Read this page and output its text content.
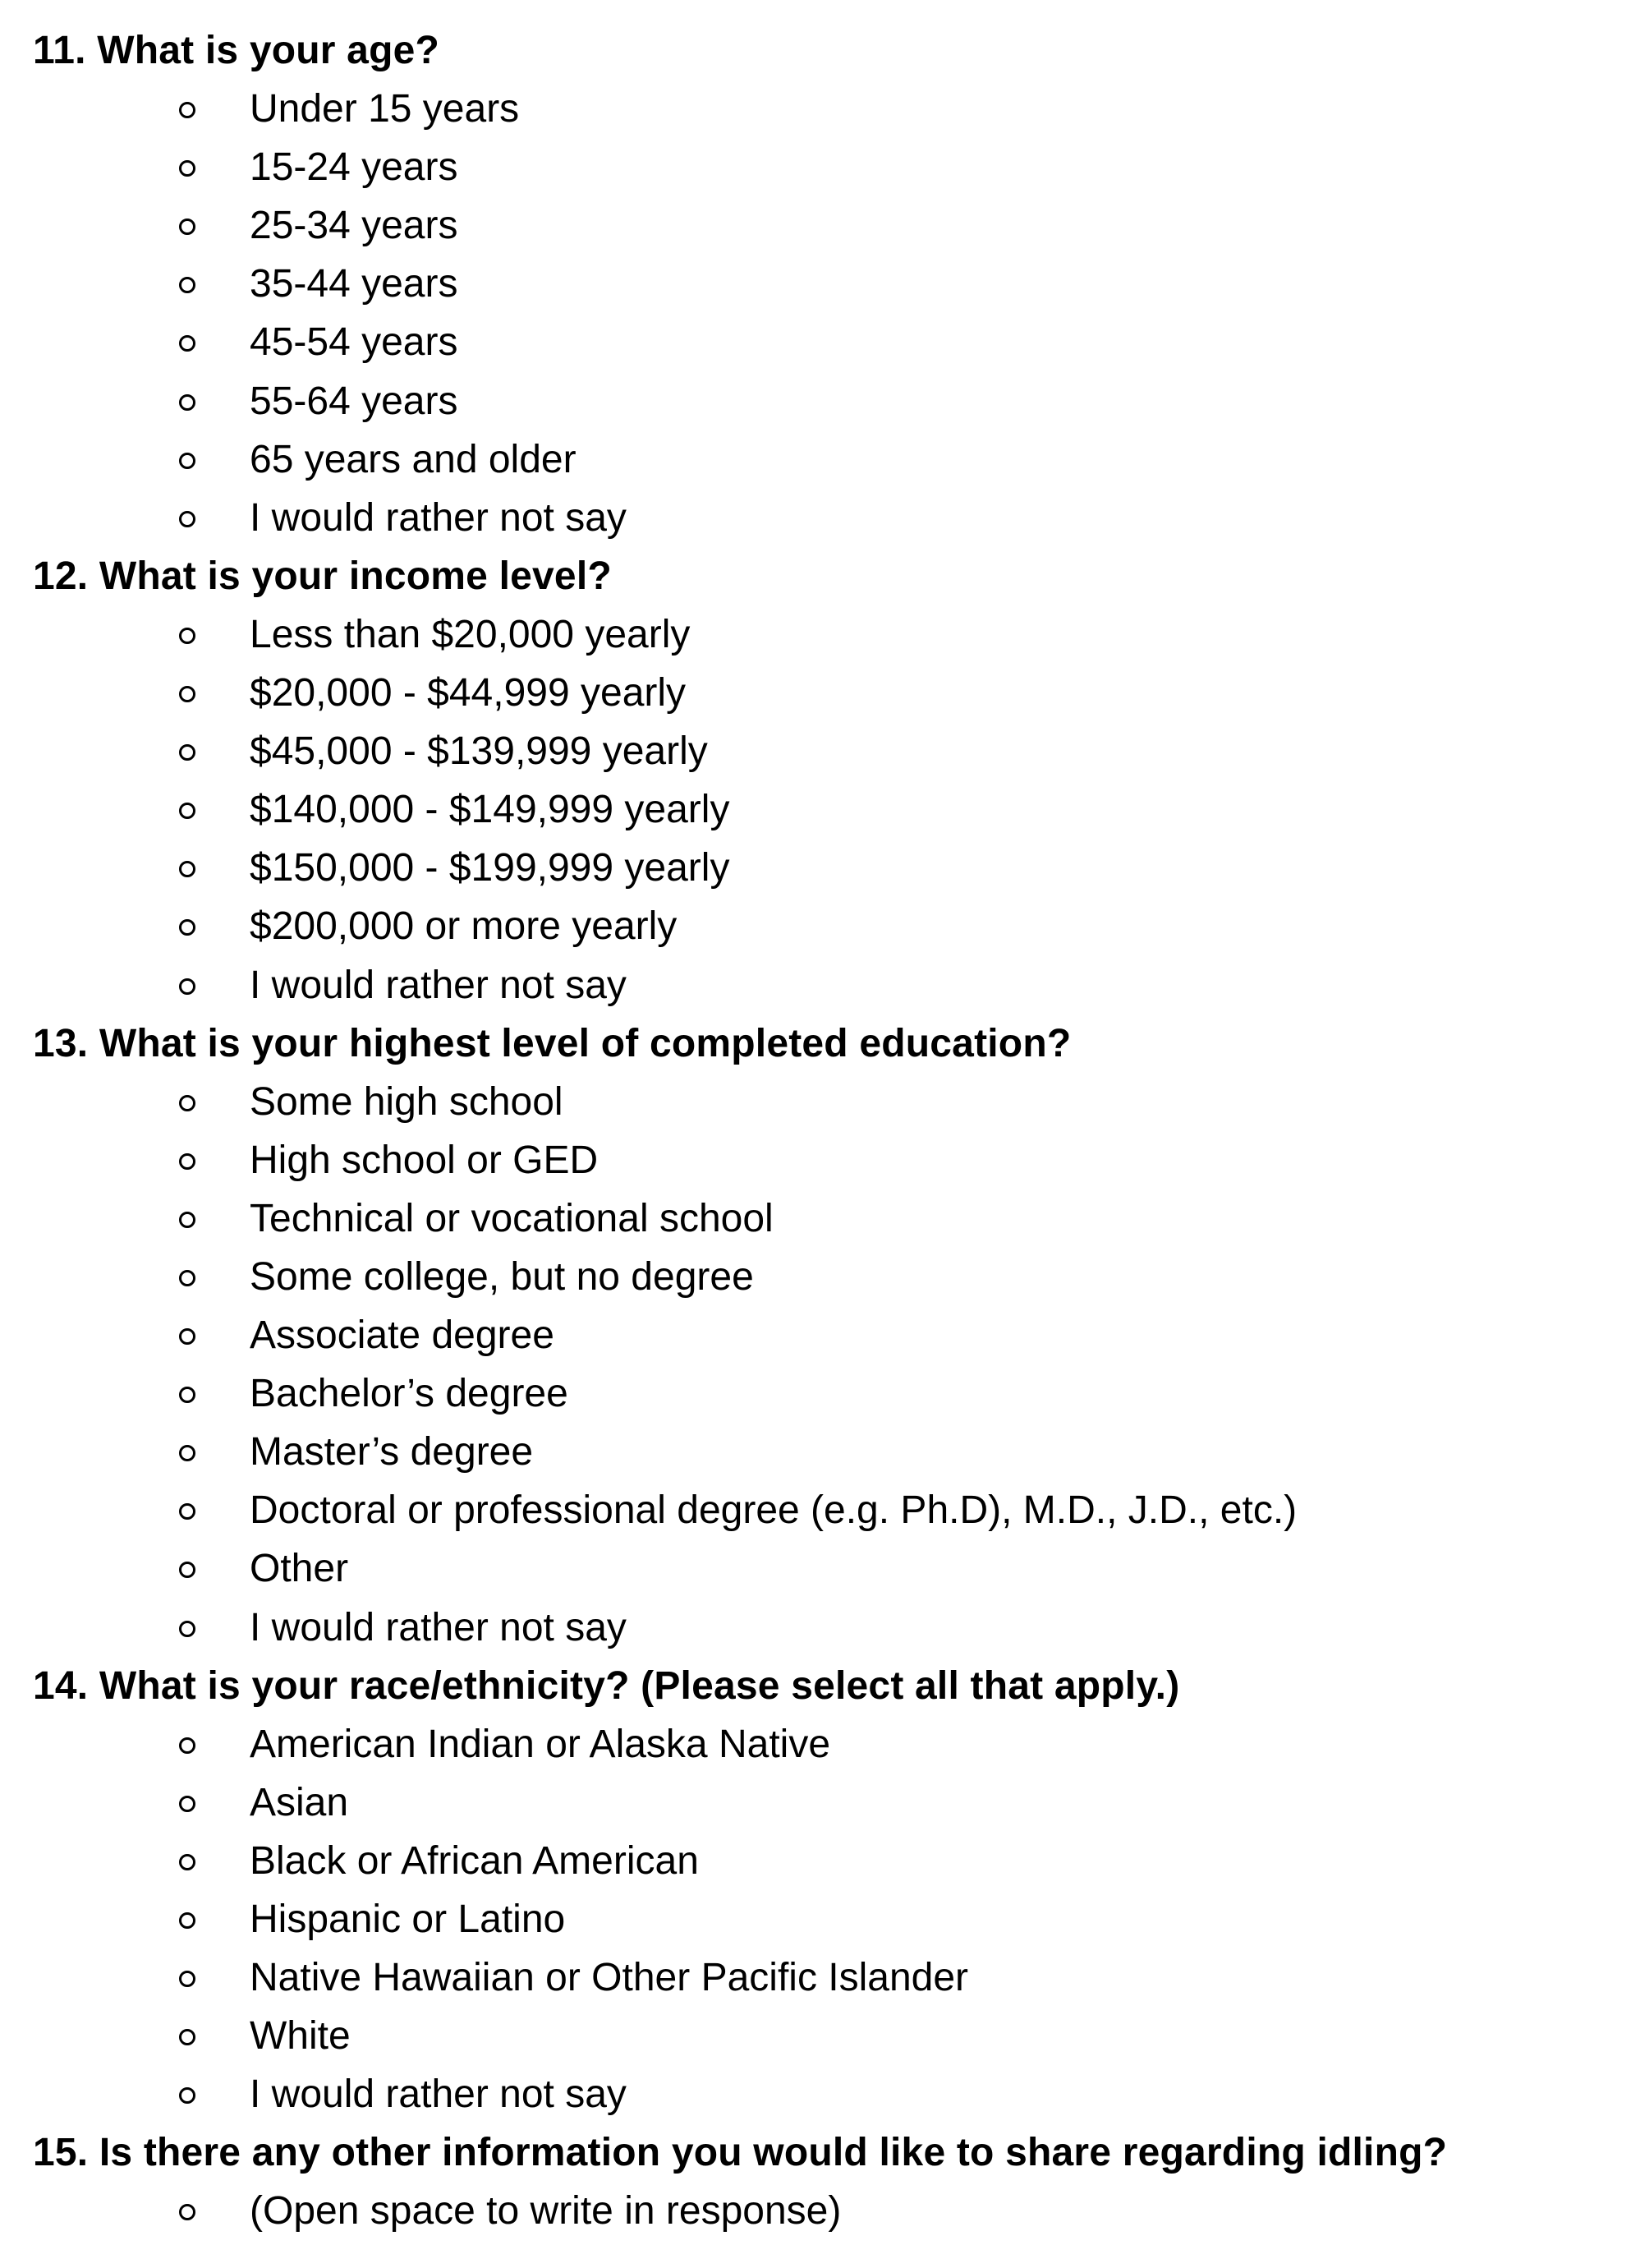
11. What is your age?
Under 15 years
15-24 years
25-34 years
35-44 years
45-54 years
55-64 years
65 years and older
I would rather not say
12. What is your income level?
Less than $20,000 yearly
$20,000 - $44,999 yearly
$45,000 - $139,999 yearly
$140,000 - $149,999 yearly
$150,000 - $199,999 yearly
$200,000 or more yearly
I would rather not say
13. What is your highest level of completed education?
Some high school
High school or GED
Technical or vocational school
Some college, but no degree
Associate degree
Bachelor’s degree
Master’s degree
Doctoral or professional degree (e.g. Ph.D), M.D., J.D., etc.)
Other
I would rather not say
14. What is your race/ethnicity? (Please select all that apply.)
American Indian or Alaska Native
Asian
Black or African American
Hispanic or Latino
Native Hawaiian or Other Pacific Islander
White
I would rather not say
15. Is there any other information you would like to share regarding idling?
(Open space to write in response)
